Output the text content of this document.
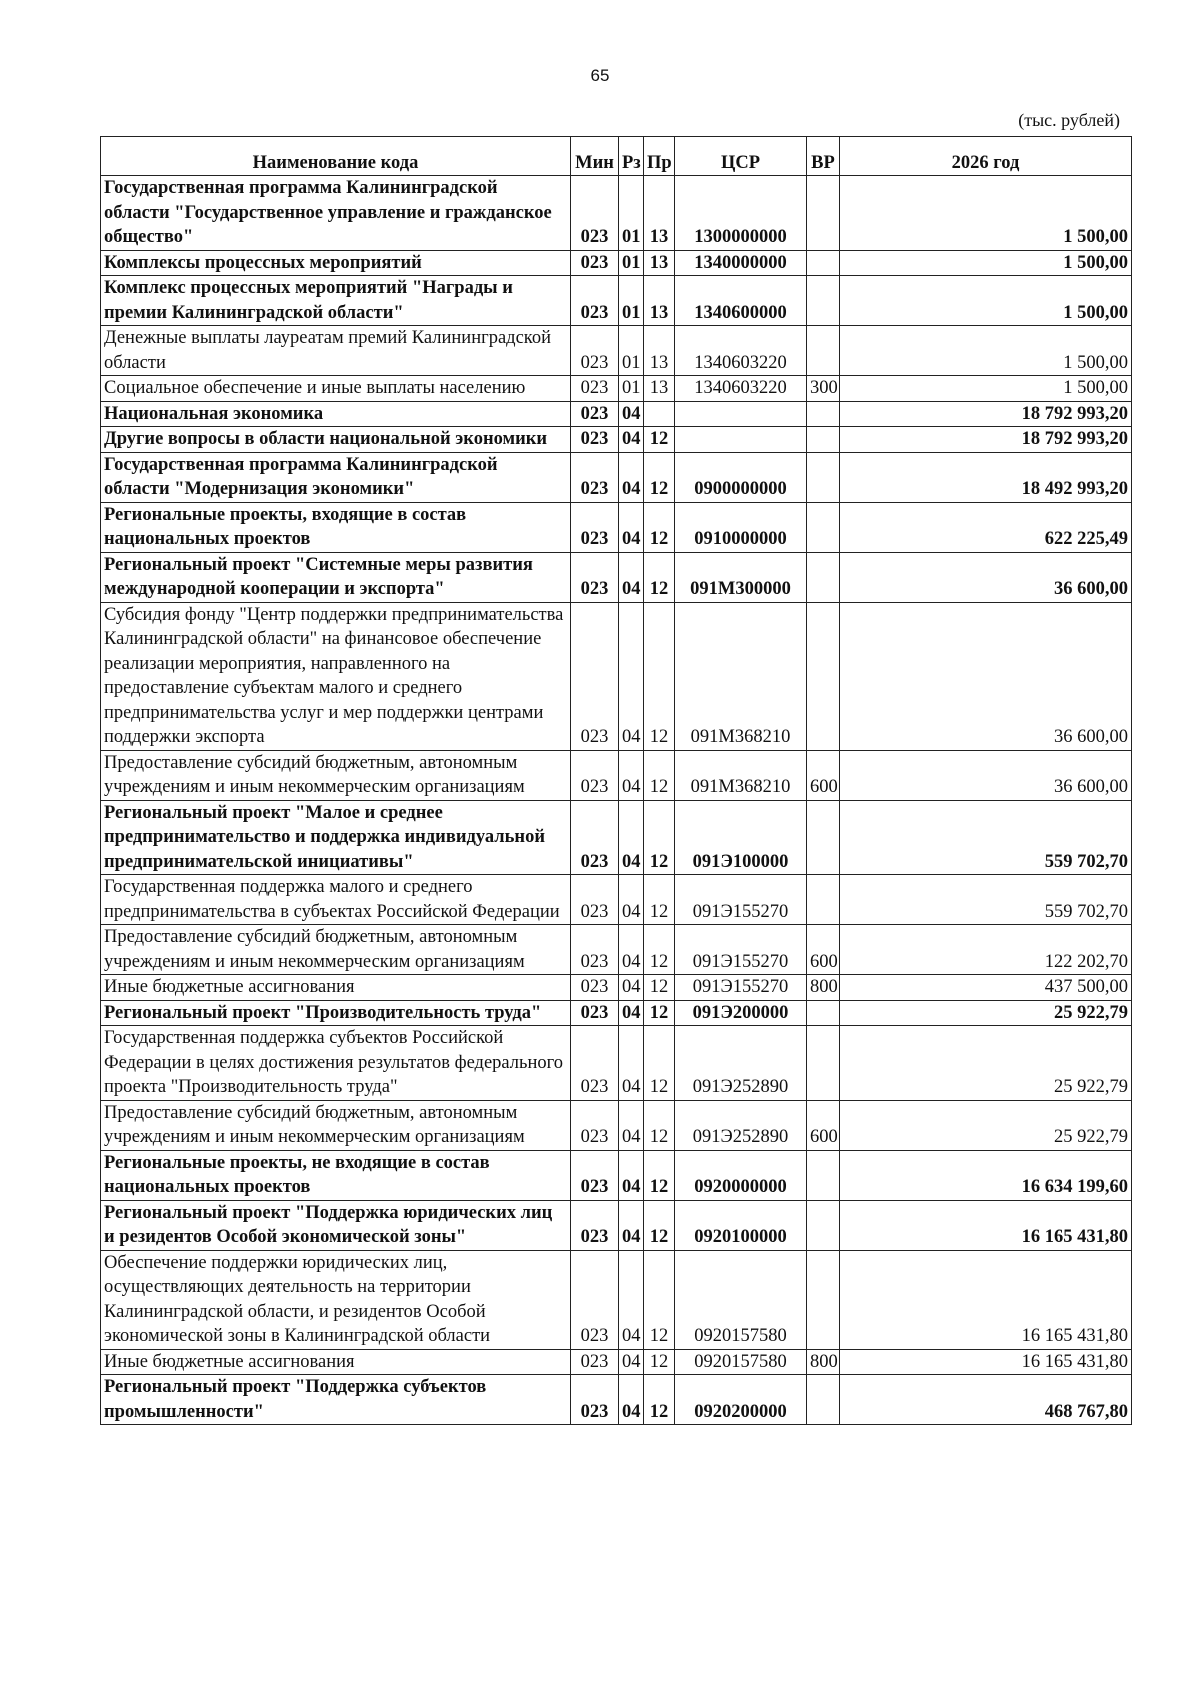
65
(тыс. рублей)
Наименование кода	Мин	Рз	Пр	ЦСР	ВР	2026 год
Государственная программа Калининградской области "Государственное управление и гражданское общество"	023	01	13	1300000000		1 500,00
Комплексы процессных мероприятий	023	01	13	1340000000		1 500,00
Комплекс процессных мероприятий "Награды и премии Калининградской области"	023	01	13	1340600000		1 500,00
Денежные выплаты лауреатам премий Калининградской области	023	01	13	1340603220		1 500,00
Социальное обеспечение и иные выплаты населению	023	01	13	1340603220	300	1 500,00
Национальная экономика	023	04				18 792 993,20
Другие вопросы в области национальной экономики	023	04	12			18 792 993,20
Государственная программа Калининградской области "Модернизация экономики"	023	04	12	0900000000		18 492 993,20
Региональные проекты, входящие в состав национальных проектов	023	04	12	0910000000		622 225,49
Региональный проект "Системные меры развития международной кооперации и экспорта"	023	04	12	091M300000		36 600,00
Субсидия фонду "Центр поддержки предпринимательства Калининградской области" на финансовое обеспечение реализации мероприятия, направленного на предоставление субъектам малого и среднего предпринимательства услуг и мер поддержки центрами поддержки экспорта	023	04	12	091M368210		36 600,00
Предоставление субсидий бюджетным, автономным учреждениям и иным некоммерческим организациям	023	04	12	091M368210	600	36 600,00
Региональный проект "Малое и среднее предпринимательство и поддержка индивидуальной предпринимательской инициативы"	023	04	12	091Э100000		559 702,70
Государственная поддержка малого и среднего предпринимательства в субъектах Российской Федерации	023	04	12	091Э155270		559 702,70
Предоставление субсидий бюджетным, автономным учреждениям и иным некоммерческим организациям	023	04	12	091Э155270	600	122 202,70
Иные бюджетные ассигнования	023	04	12	091Э155270	800	437 500,00
Региональный проект "Производительность труда"	023	04	12	091Э200000		25 922,79
Государственная поддержка субъектов Российской Федерации в целях достижения результатов федерального проекта "Производительность труда"	023	04	12	091Э252890		25 922,79
Предоставление субсидий бюджетным, автономным учреждениям и иным некоммерческим организациям	023	04	12	091Э252890	600	25 922,79
Региональные проекты, не входящие в состав национальных проектов	023	04	12	0920000000		16 634 199,60
Региональный проект "Поддержка юридических лиц и резидентов Особой экономической зоны"	023	04	12	0920100000		16 165 431,80
Обеспечение поддержки юридических лиц, осуществляющих деятельность на территории Калининградской области, и резидентов Особой экономической зоны в Калининградской области	023	04	12	0920157580		16 165 431,80
Иные бюджетные ассигнования	023	04	12	0920157580	800	16 165 431,80
Региональный проект "Поддержка субъектов промышленности"	023	04	12	0920200000		468 767,80
